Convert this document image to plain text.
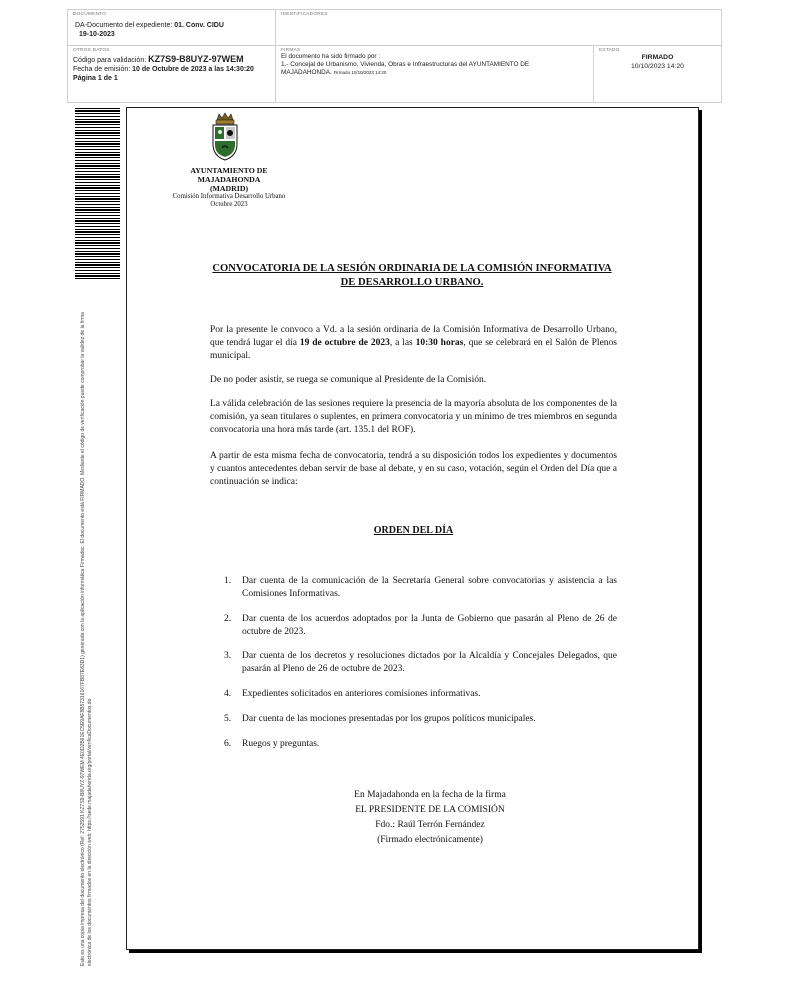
DOCUMENTO
DA-Documento del expediente: 01. Conv. CIDU
19-10-2023
IDENTIFICADORES
OTROS DATOS
Código para validación: KZ7S9-B8UYZ-97WEM
Fecha de emisión: 10 de Octubre de 2023 a las 14:30:20
Página 1 de 1
FIRMAS
El documento ha sido firmado por :
1.- Concejal de Urbanismo, Vivienda, Obras e Infraestructuras del AYUNTAMIENTO DE
MAJADAHONDA. Firmado 10/10/2023 14:20
ESTADO
FIRMADO
10/10/2023 14:20
Este es una copia impresa del documento electrónico (Ref: 2752591 KZ7S9-B8UYZ-97WEM 4E0D2B61EC5E9AF8B57316167FB87E83D1) generada con la aplicación informática Firmadoc. El documento está FIRMADO. Mediante el código de verificación puede comprobar la validez de la firma electrónica de los documentos firmados en la dirección web: https://sede.majadahonda.org/portal/verificaDocumentos.do
AYUNTAMIENTO DE
MAJADAHONDA
(MADRID)
Comisión Informativa Desarrollo Urbano
Octubre 2023
CONVOCATORIA DE LA SESIÓN ORDINARIA DE LA COMISIÓN INFORMATIVA
DE DESARROLLO URBANO.
Por la presente le convoco a Vd. a la sesión ordinaria de la Comisión Informativa de Desarrollo Urbano, que tendrá lugar el día 19 de octubre de 2023, a las 10:30 horas, que se celebrará en el Salón de Plenos municipal.
De no poder asistir, se ruega se comunique al Presidente de la Comisión.
La válida celebración de las sesiones requiere la presencia de la mayoría absoluta de los componentes de la comisión, ya sean titulares o suplentes, en primera convocatoria y un mínimo de tres miembros en segunda convocatoria una hora más tarde (art. 135.1 del ROF).
A partir de esta misma fecha de convocatoria, tendrá a su disposición todos los expedientes y documentos y cuantos antecedentes deban servir de base al debate, y en su caso, votación, según el Orden del Día que a continuación se indica:
ORDEN DEL DÍA
1.	Dar cuenta de la comunicación de la Secretaría General sobre convocatorias y asistencia a las Comisiones Informativas.
2.	Dar cuenta de los acuerdos adoptados por la Junta de Gobierno que pasarán al Pleno de 26 de octubre de 2023.
3.	Dar cuenta de los decretos y resoluciones dictados por la Alcaldía y Concejales Delegados, que pasarán al Pleno de 26 de octubre de 2023.
4.	Expedientes solicitados en anteriores comisiones informativas.
5.	Dar cuenta de las mociones presentadas por los grupos políticos municipales.
6.	Ruegos y preguntas.
En Majadahonda en la fecha de la firma
EL PRESIDENTE DE LA COMISIÓN
Fdo.: Raúl Terrón Fernández
(Firmado electrónicamente)
